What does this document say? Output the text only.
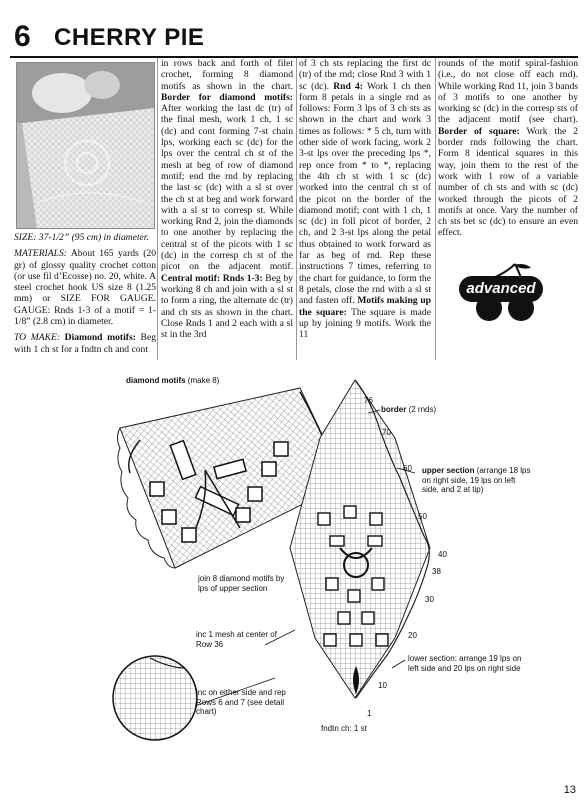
6 CHERRY PIE

SIZE: 37-1/2” (95 cm) in diameter.

MATERIALS: About 165 yards (20 gr) of glossy quality crochet cotton (or use fil d’Ecosse) no. 20, white. A steel crochet hook US size 8 (1.25 mm) or SIZE FOR GAUGE. GAUGE: Rnds 1-3 of a motif = 1-1/8” (2.8 cm) in diameter.

TO MAKE: Diamond motifs: Beg with 1 ch st for a fndtn ch and cont

in rows back and forth of filet crochet, forming 8 diamond motifs as shown in the chart. Border for diamond motifs: After working the last dc (tr) of the final mesh, work 1 ch, 1 sc (dc) and cont forming 7-st chain lps, working each sc (dc) for the lps over the central ch st of the mesh at beg of row of diamond motif; end the rnd by replacing the last sc (dc) with a sl st over the ch st at beg and work forward with a sl st to corresp st. While working Rnd 2, join the diamonds to one another by replacing the central st of the picots with 1 sc (dc) in the corresp ch st of the picot on the adjacent motif. Central motif: Rnds 1-3: Beg by working 8 ch and join with a sl st to form a ring, the alternate dc (tr) and ch sts as shown in the chart. Close Rnds 1 and 2 each with a sl st in the 3rd

of 3 ch sts replacing the first dc (tr) of the rnd; close Rnd 3 with 1 sc (dc). Rnd 4: Work 1 ch then form 8 petals in a single rnd as follows: Form 3 lps of 3 ch sts as shown in the chart and work 3 times as follows: * 5 ch, turn with other side of work facing, work 2 3-st lps over the preceding lps *, rep once from * to *, replacing the 4th ch st with 1 sc (dc) worked into the central ch st of the picot on the border of the diamond motif; cont with 1 ch, 1 sc (dc) in foll picot of border, 2 ch, and 2 3-st lps along the petal thus obtained to work forward as far as beg of rnd. Rep these instructions 7 times, referring to the chart for guidance, to form the 8 petals, close the rnd with a sl st and fasten off. Motifs making up the square: The square is made up by joining 9 motifs. Work the 11

rounds of the motif spiral-fashion (i.e., do not close off each rnd). While working Rnd 11, join 3 bands of 3 motifs to one another by working sc (dc) in the corresp sts of the adjacent motif (see chart). Border of square: Work the 2 border rnds following the chart. Form 8 identical squares in this way, join them to the rest of the work with 1 row of a variable number of ch sts and with sc (dc) worked through the picots of 2 motifs at once. Vary the number of ch sts bet sc (dc) to ensure an even effect.

advanced
diamond motifs (make 8)
border (2 rnds)
upper section (arrange 18 lps on right side, 19 lps on left side, and 2 at tip)
join 8 diamond motifs by lps of upper section
inc 1 mesh at center of Row 36
lower section: arrange 19 lps on left side and 20 lps on right side
inc on either side and rep Rows 6 and 7 (see detail chart)
fndtn ch: 1 st
76
70
60
50
40
38
30
20
10
1
13
